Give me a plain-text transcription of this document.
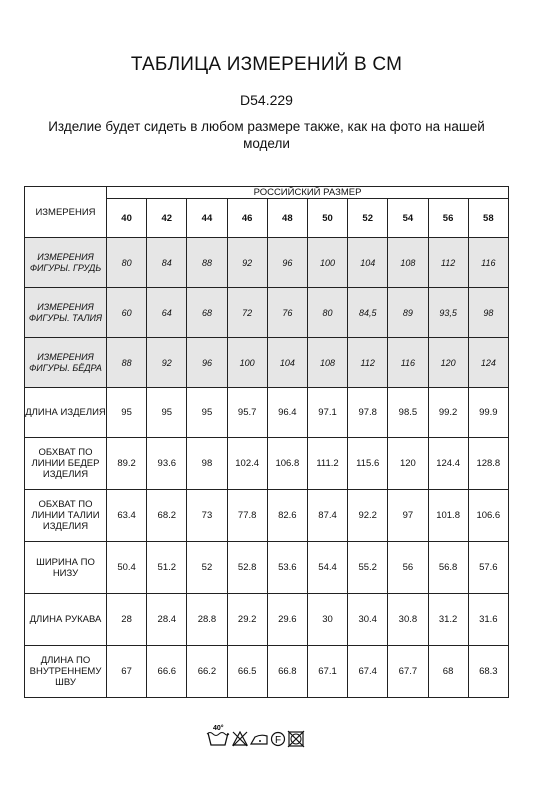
ТАБЛИЦА ИЗМЕРЕНИЙ В СМ
D54.229
Изделие будет сидеть в любом размере также, как на фото на нашей модели
ИЗМЕРЕНИЯ	РОССИЙСКИЙ РАЗМЕР									
	40	42	44	46	48	50	52	54	56	58
ИЗМЕРЕНИЯ ФИГУРЫ. ГРУДЬ	80	84	88	92	96	100	104	108	112	116
ИЗМЕРЕНИЯ ФИГУРЫ. ТАЛИЯ	60	64	68	72	76	80	84,5	89	93,5	98
ИЗМЕРЕНИЯ ФИГУРЫ. БЁДРА	88	92	96	100	104	108	112	116	120	124
ДЛИНА ИЗДЕЛИЯ	95	95	95	95.7	96.4	97.1	97.8	98.5	99.2	99.9
ОБХВАТ ПО ЛИНИИ БЕДЕР ИЗДЕЛИЯ	89.2	93.6	98	102.4	106.8	111.2	115.6	120	124.4	128.8
ОБХВАТ ПО ЛИНИИ ТАЛИИ ИЗДЕЛИЯ	63.4	68.2	73	77.8	82.6	87.4	92.2	97	101.8	106.6
ШИРИНА ПО НИЗУ	50.4	51.2	52	52.8	53.6	54.4	55.2	56	56.8	57.6
ДЛИНА РУКАВА	28	28.4	28.8	29.2	29.6	30	30.4	30.8	31.2	31.6
ДЛИНА ПО ВНУТРЕННЕМУ ШВУ	67	66.6	66.2	66.5	66.8	67.1	67.4	67.7	68	68.3
40°
F
